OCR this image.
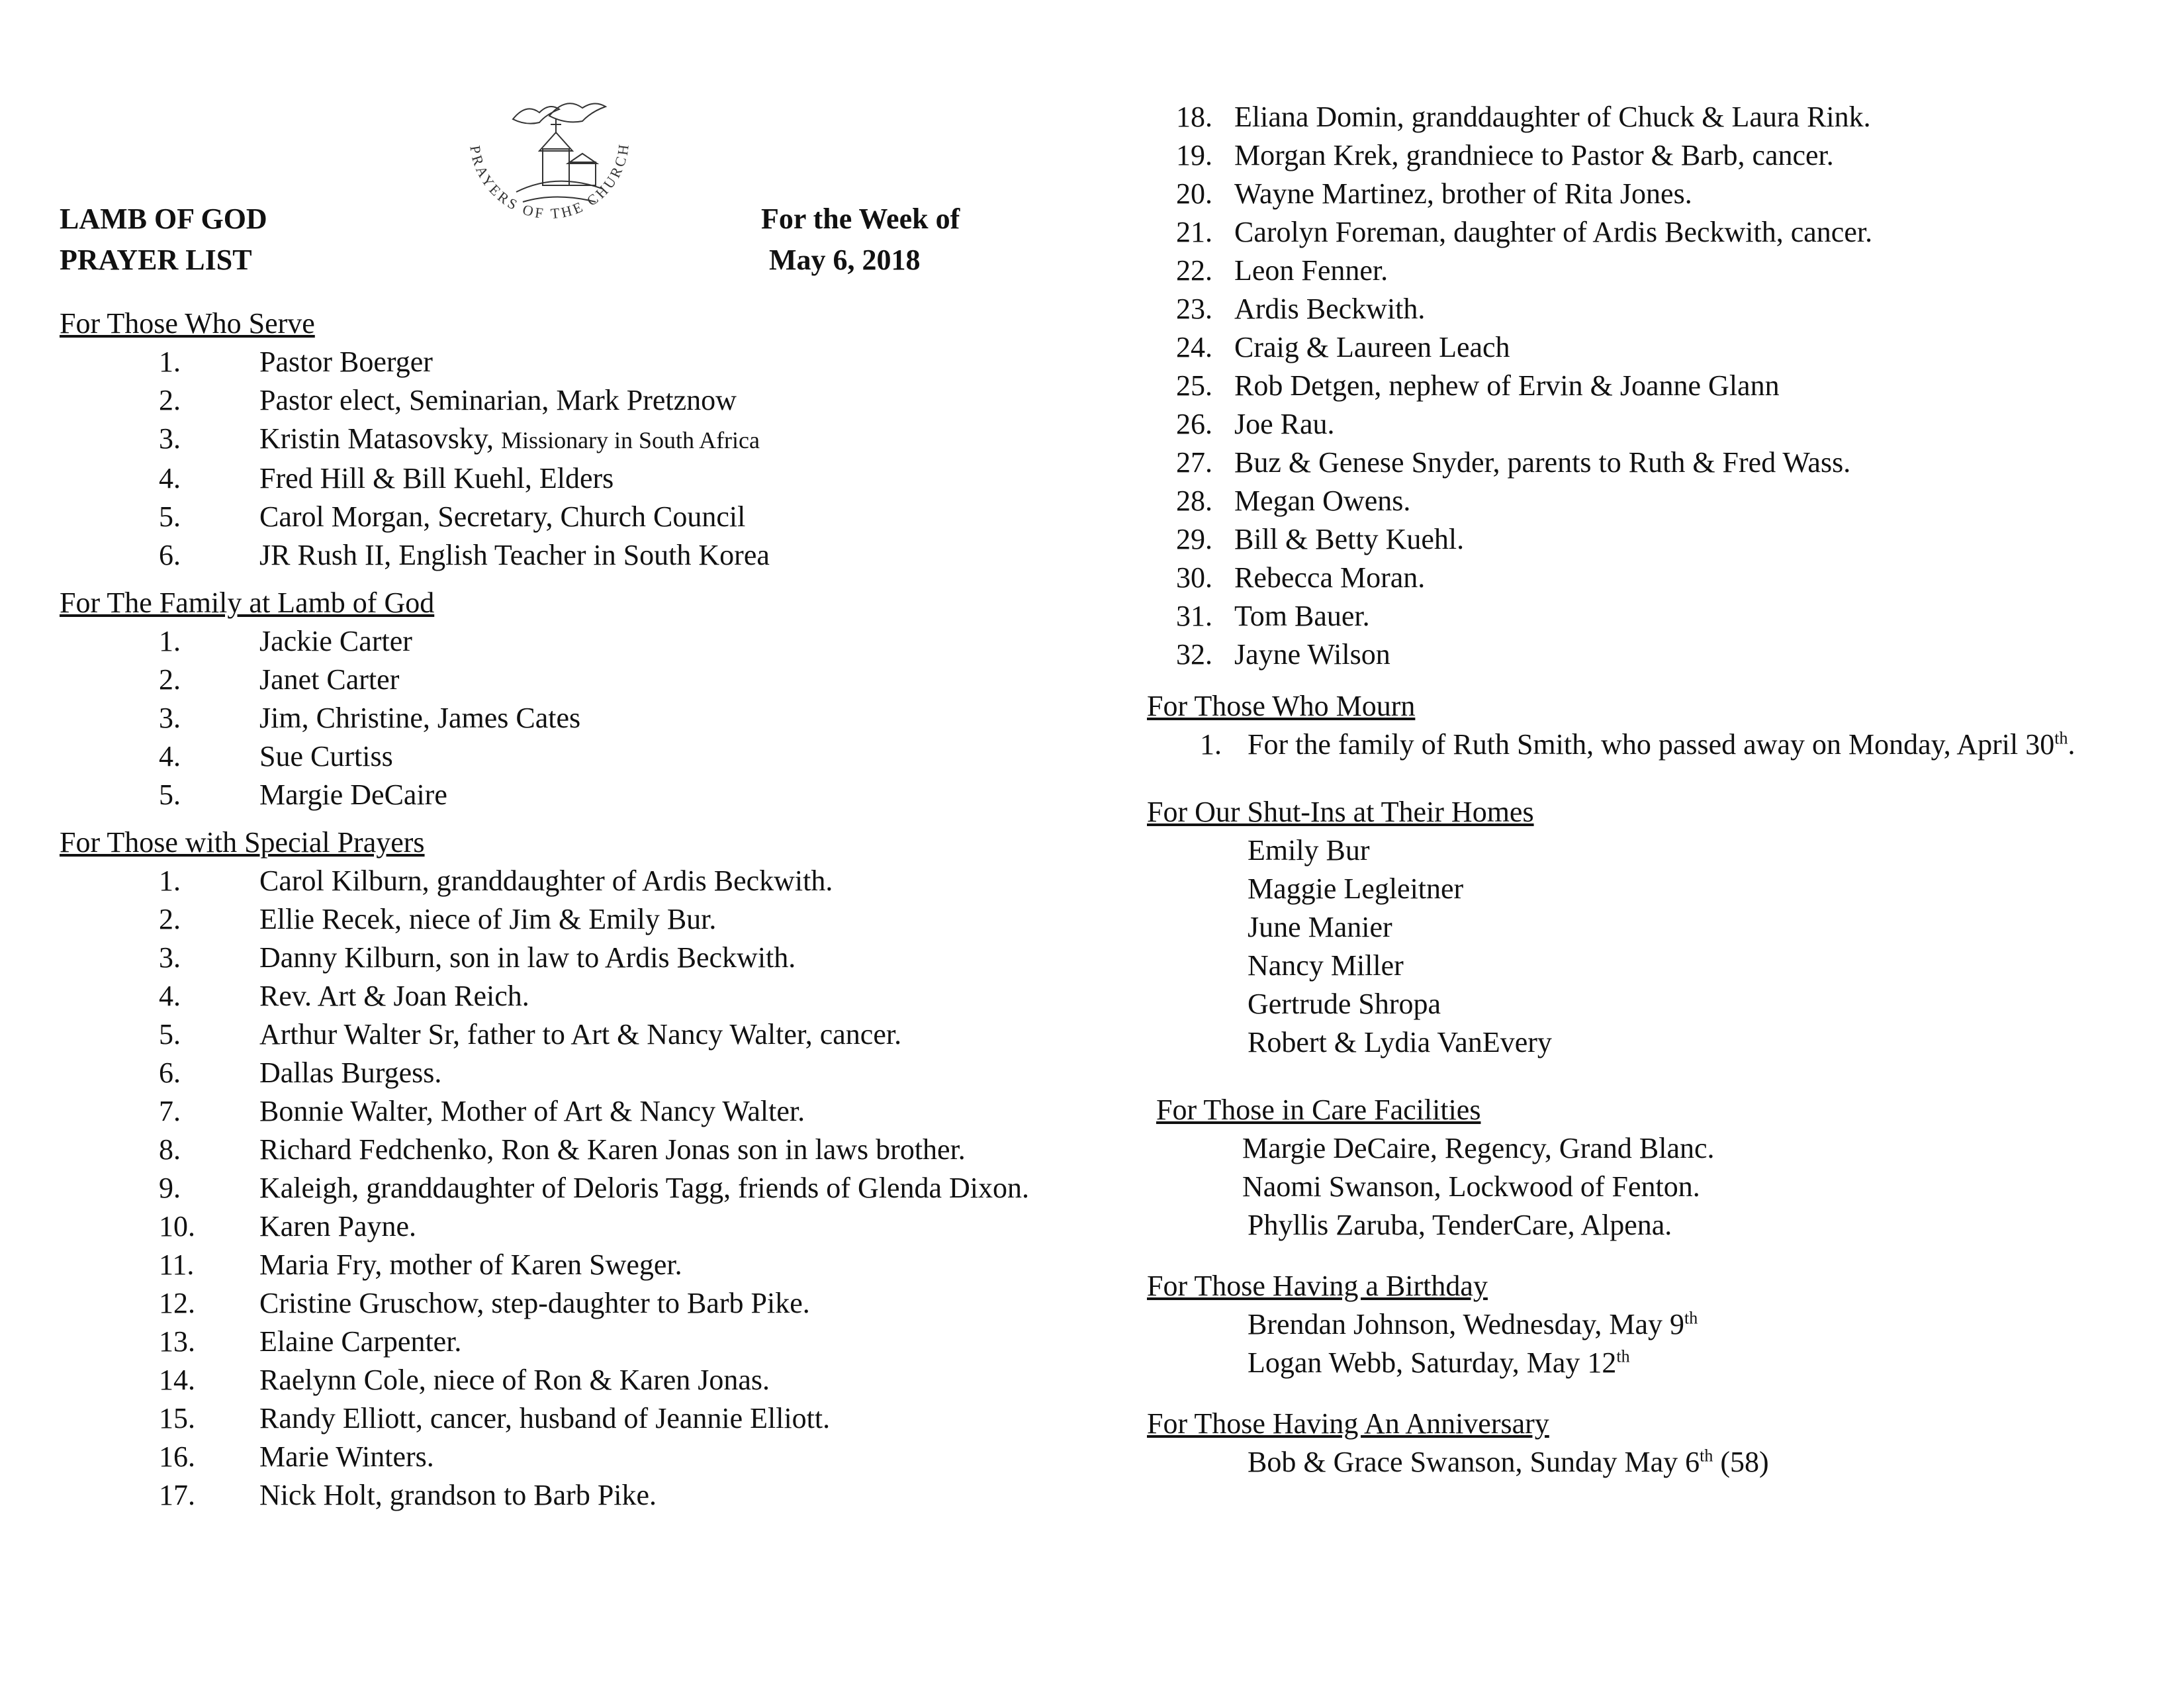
PRAYERS OF THE CHURCH
LAMB OF GOD
PRAYER LIST
For the Week of
May 6, 2018

For Those Who Serve

1.	Pastor Boerger
2.	Pastor elect, Seminarian, Mark Pretznow
3.	Kristin Matasovsky, Missionary in South Africa
4.	Fred Hill & Bill Kuehl, Elders
5.	Carol Morgan, Secretary, Church Council
6.	JR Rush II, English Teacher in South Korea

For The Family at Lamb of God

1.	Jackie Carter
2.	Janet Carter
3.	Jim, Christine, James Cates
4.	Sue Curtiss
5.	Margie DeCaire

For Those with Special Prayers

1.	Carol Kilburn, granddaughter of Ardis Beckwith.
2.	Ellie Recek, niece of Jim & Emily Bur.
3.	Danny Kilburn, son in law to Ardis Beckwith.
4.	Rev. Art & Joan Reich.
5.	Arthur Walter Sr, father to Art & Nancy Walter, cancer.
6.	Dallas Burgess.
7.	Bonnie Walter, Mother of Art & Nancy Walter.
8.	Richard Fedchenko, Ron & Karen Jonas son in laws brother.
9.	Kaleigh, granddaughter of Deloris Tagg, friends of Glenda Dixon.
10.	Karen Payne.
11.	Maria Fry, mother of Karen Sweger.
12.	Cristine Gruschow, step-daughter to Barb Pike.
13.	Elaine Carpenter.
14.	Raelynn Cole, niece of Ron & Karen Jonas.
15.	Randy Elliott, cancer, husband of Jeannie Elliott.
16.	Marie Winters.
17.	Nick Holt, grandson to Barb Pike.
18. Eliana Domin, granddaughter of Chuck & Laura Rink.
19. Morgan Krek, grandniece to Pastor & Barb, cancer.
20. Wayne Martinez, brother of Rita Jones.
21. Carolyn Foreman, daughter of Ardis Beckwith, cancer.
22. Leon Fenner.
23. Ardis Beckwith.
24. Craig & Laureen Leach
25. Rob Detgen, nephew of Ervin & Joanne Glann
26. Joe Rau.
27. Buz & Genese Snyder, parents to Ruth & Fred Wass.
28. Megan Owens.
29. Bill & Betty Kuehl.
30. Rebecca Moran.
31. Tom Bauer.
32. Jayne Wilson

For Those Who Mourn

1. For the family of Ruth Smith, who passed away on Monday, April 30th.

For Our Shut-Ins at Their Homes

Emily Bur
Maggie Legleitner
June Manier
Nancy Miller
Gertrude Shropa
Robert & Lydia VanEvery

For Those in Care Facilities

Margie DeCaire, Regency, Grand Blanc.
Naomi Swanson, Lockwood of Fenton.
Phyllis Zaruba, TenderCare, Alpena.

For Those Having a Birthday

Brendan Johnson, Wednesday, May 9th
Logan Webb, Saturday, May 12th

For Those Having An Anniversary

Bob & Grace Swanson, Sunday May 6th (58)
